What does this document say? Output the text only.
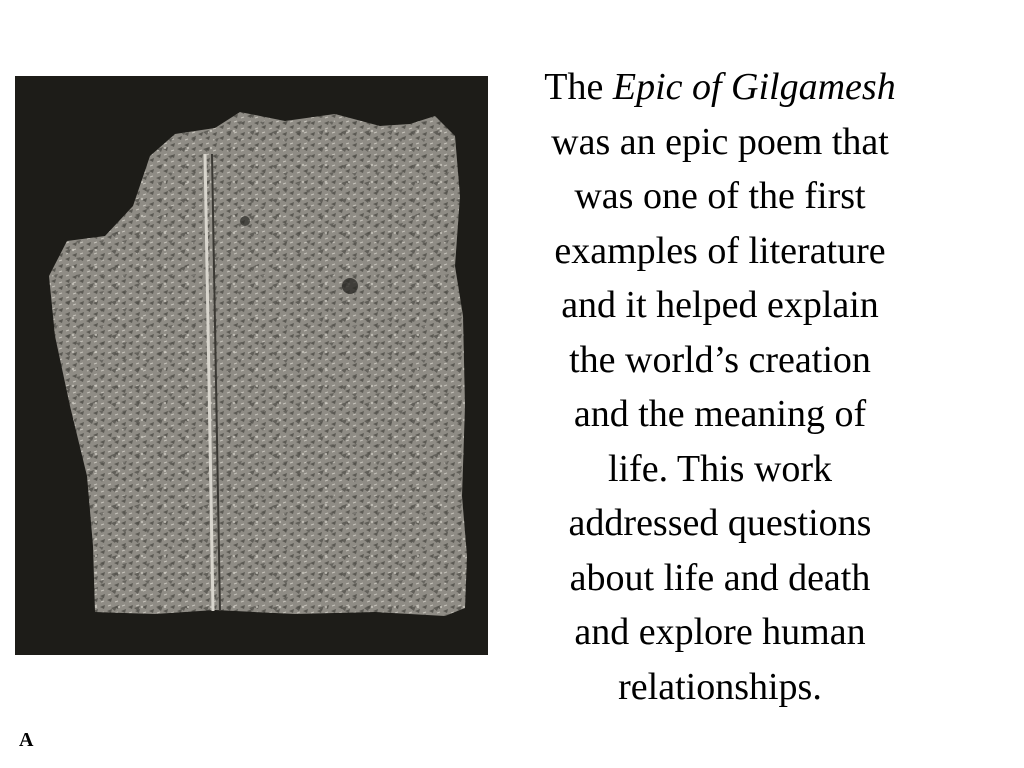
The Epic of Gilgamesh
was an epic poem that
was one of the first
examples of literature
and it helped explain
the world’s creation
and the meaning of
life. This work
addressed questions
about life and death
and explore human
relationships.
A
